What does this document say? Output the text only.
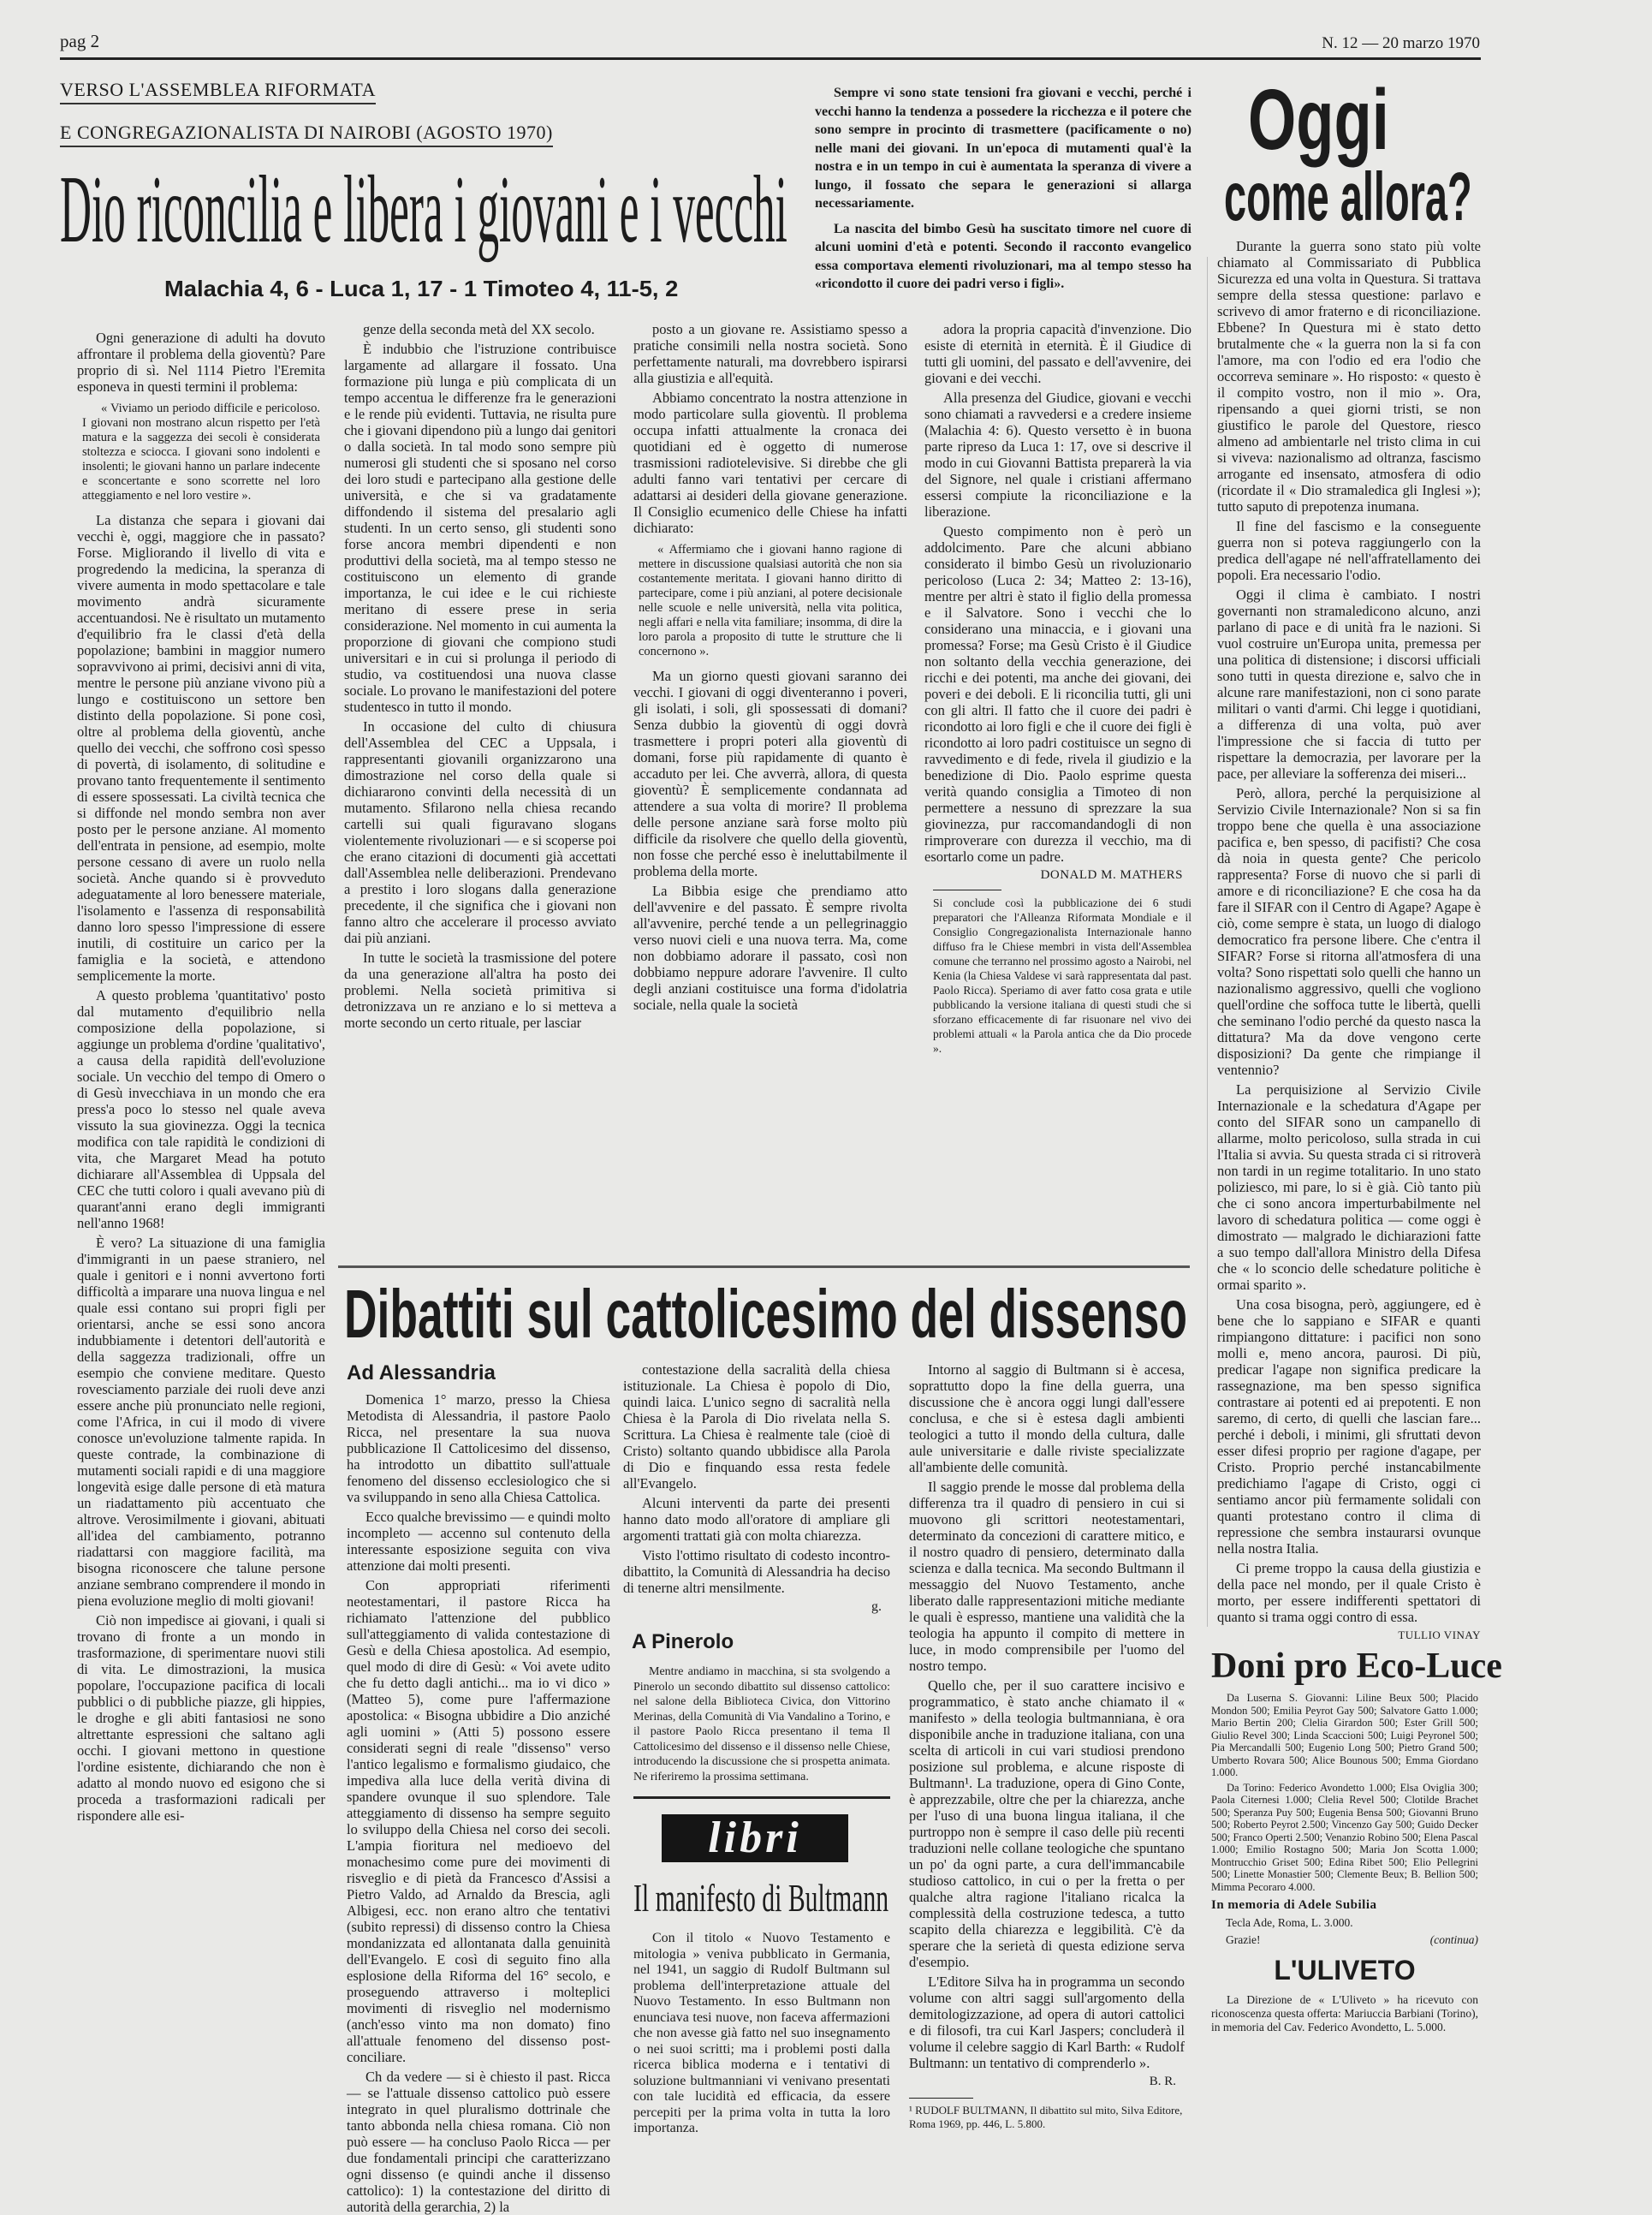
pag 2	N. 12 — 20 marzo 1970
VERSO L'ASSEMBLEA RIFORMATA
E CONGREGAZIONALISTA DI NAIROBI (AGOSTO 1970)
Dio riconcilia e libera i giovani e i vecchi
Malachia 4, 6 - Luca 1, 17 - 1 Timoteo 4, 11-5, 2

Sempre vi sono state tensioni fra giovani e vecchi, perché i vecchi hanno la tendenza a possedere la ricchezza e il potere che sono sempre in procinto di trasmettere (pacificamente o no) nelle mani dei giovani. In un'epoca di mutamenti qual'è la nostra e in un tempo in cui è aumentata la speranza di vivere a lungo, il fossato che separa le generazioni si allarga necessariamente.

La nascita del bimbo Gesù ha suscitato timore nel cuore di alcuni uomini d'età e potenti. Secondo il racconto evangelico essa comportava elementi rivoluzionari, ma al tempo stesso ha «ricondotto il cuore dei padri verso i figli».

Ogni generazione di adulti ha dovuto affrontare il problema della gioventù? Pare proprio di sì. Nel 1114 Pietro l'Eremita esponeva in questi termini il problema:

« Viviamo un periodo difficile e pericoloso. I giovani non mostrano alcun rispetto per l'età matura e la saggezza dei secoli è considerata stoltezza e sciocca. I giovani sono indolenti e insolenti; le giovani hanno un parlare indecente e sconcertante e sono scorrette nel loro atteggiamento e nel loro vestire ».

La distanza che separa i giovani dai vecchi è, oggi, maggiore che in passato? Forse. Migliorando il livello di vita e progredendo la medicina, la speranza di vivere aumenta in modo spettacolare e tale movimento andrà sicuramente accentuandosi. Ne è risultato un mutamento d'equilibrio fra le classi d'età della popolazione; bambini in maggior numero sopravvivono ai primi, decisivi anni di vita, mentre le persone più anziane vivono più a lungo e costituiscono un settore ben distinto della popolazione. Si pone così, oltre al problema della gioventù, anche quello dei vecchi, che soffrono così spesso di povertà, di isolamento, di solitudine e provano tanto frequentemente il sentimento di essere spossessati. La civiltà tecnica che si diffonde nel mondo sembra non aver posto per le persone anziane. Al momento dell'entrata in pensione, ad esempio, molte persone cessano di avere un ruolo nella società. Anche quando si è provveduto adeguatamente al loro benessere materiale, l'isolamento e l'assenza di responsabilità danno loro spesso l'impressione di essere inutili, di costituire un carico per la famiglia e la società, e attendono semplicemente la morte.

A questo problema 'quantitativo' posto dal mutamento d'equilibrio nella composizione della popolazione, si aggiunge un problema d'ordine 'qualitativo', a causa della rapidità dell'evoluzione sociale. Un vecchio del tempo di Omero o di Gesù invecchiava in un mondo che era press'a poco lo stesso nel quale aveva vissuto la sua giovinezza. Oggi la tecnica modifica con tale rapidità le condizioni di vita, che Margaret Mead ha potuto dichiarare all'Assemblea di Uppsala del CEC che tutti coloro i quali avevano più di quarant'anni erano degli immigranti nell'anno 1968!

È vero? La situazione di una famiglia d'immigranti in un paese straniero, nel quale i genitori e i nonni avvertono forti difficoltà a imparare una nuova lingua e nel quale essi contano sui propri figli per orientarsi, anche se essi sono ancora indubbiamente i detentori dell'autorità e della saggezza tradizionali, offre un esempio che conviene meditare. Questo rovesciamento parziale dei ruoli deve anzi essere anche più pronunciato nelle regioni, come l'Africa, in cui il modo di vivere conosce un'evoluzione talmente rapida. In queste contrade, la combinazione di mutamenti sociali rapidi e di una maggiore longevità esige dalle persone di età matura un riadattamento più accentuato che altrove. Verosimilmente i giovani, abituati all'idea del cambiamento, potranno riadattarsi con maggiore facilità, ma bisogna riconoscere che talune persone anziane sembrano comprendere il mondo in piena evoluzione meglio di molti giovani!

Ciò non impedisce ai giovani, i quali si trovano di fronte a un mondo in trasformazione, di sperimentare nuovi stili di vita. Le dimostrazioni, la musica popolare, l'occupazione pacifica di locali pubblici o di pubbliche piazze, gli hippies, le droghe e gli abiti fantasiosi ne sono altrettante espressioni che saltano agli occhi. I giovani mettono in questione l'ordine esistente, dichiarando che non è adatto al mondo nuovo ed esigono che si proceda a trasformazioni radicali per rispondere alle esi-

genze della seconda metà del XX secolo.

È indubbio che l'istruzione contribuisce largamente ad allargare il fossato. Una formazione più lunga e più complicata di un tempo accentua le differenze fra le generazioni e le rende più evidenti. Tuttavia, ne risulta pure che i giovani dipendono più a lungo dai genitori o dalla società. In tal modo sono sempre più numerosi gli studenti che si sposano nel corso dei loro studi e partecipano alla gestione delle università, e che si va gradatamente diffondendo il sistema del presalario agli studenti. In un certo senso, gli studenti sono forse ancora membri dipendenti e non produttivi della società, ma al tempo stesso ne costituiscono un elemento di grande importanza, le cui idee e le cui richieste meritano di essere prese in seria considerazione. Nel momento in cui aumenta la proporzione di giovani che compiono studi universitari e in cui si prolunga il periodo di studio, va costituendosi una nuova classe sociale. Lo provano le manifestazioni del potere studentesco in tutto il mondo.

In occasione del culto di chiusura dell'Assemblea del CEC a Uppsala, i rappresentanti giovanili organizzarono una dimostrazione nel corso della quale si dichiararono convinti della necessità di un mutamento. Sfilarono nella chiesa recando cartelli sui quali figuravano slogans violentemente rivoluzionari — e si scoperse poi che erano citazioni di documenti già accettati dall'Assemblea nelle deliberazioni. Prendevano a prestito i loro slogans dalla generazione precedente, il che significa che i giovani non fanno altro che accelerare il processo avviato dai più anziani.

In tutte le società la trasmissione del potere da una generazione all'altra ha posto dei problemi. Nella società primitiva si detronizzava un re anziano e lo si metteva a morte secondo un certo rituale, per lasciar

posto a un giovane re. Assistiamo spesso a pratiche consimili nella nostra società. Sono perfettamente naturali, ma dovrebbero ispirarsi alla giustizia e all'equità.

Abbiamo concentrato la nostra attenzione in modo particolare sulla gioventù. Il problema occupa infatti attualmente la cronaca dei quotidiani ed è oggetto di numerose trasmissioni radiotelevisive. Si direbbe che gli adulti fanno vari tentativi per cercare di adattarsi ai desideri della giovane generazione. Il Consiglio ecumenico delle Chiese ha infatti dichiarato:

« Affermiamo che i giovani hanno ragione di mettere in discussione qualsiasi autorità che non sia costantemente meritata. I giovani hanno diritto di partecipare, come i più anziani, al potere decisionale nelle scuole e nelle università, nella vita politica, negli affari e nella vita familiare; insomma, di dire la loro parola a proposito di tutte le strutture che li concernono ».

Ma un giorno questi giovani saranno dei vecchi. I giovani di oggi diventeranno i poveri, gli isolati, i soli, gli spossessati di domani? Senza dubbio la gioventù di oggi dovrà trasmettere i propri poteri alla gioventù di domani, forse più rapidamente di quanto è accaduto per lei. Che avverrà, allora, di questa gioventù? È semplicemente condannata ad attendere a sua volta di morire? Il problema delle persone anziane sarà forse molto più difficile da risolvere che quello della gioventù, non fosse che perché esso è ineluttabilmente il problema della morte.

La Bibbia esige che prendiamo atto dell'avvenire e del passato. È sempre rivolta all'avvenire, perché tende a un pellegrinaggio verso nuovi cieli e una nuova terra. Ma, come non dobbiamo adorare il passato, così non dobbiamo neppure adorare l'avvenire. Il culto degli anziani costituisce una forma d'idolatria sociale, nella quale la società

adora la propria capacità d'invenzione. Dio esiste di eternità in eternità. È il Giudice di tutti gli uomini, del passato e dell'avvenire, dei giovani e dei vecchi.

Alla presenza del Giudice, giovani e vecchi sono chiamati a ravvedersi e a credere insieme (Malachia 4: 6). Questo versetto è in buona parte ripreso da Luca 1: 17, ove si descrive il modo in cui Giovanni Battista preparerà la via del Signore, nel quale i cristiani affermano essersi compiute la riconciliazione e la liberazione.

Questo compimento non è però un addolcimento. Pare che alcuni abbiano considerato il bimbo Gesù un rivoluzionario pericoloso (Luca 2: 34; Matteo 2: 13-16), mentre per altri è stato il figlio della promessa e il Salvatore. Sono i vecchi che lo considerano una minaccia, e i giovani una promessa? Forse; ma Gesù Cristo è il Giudice non soltanto della vecchia generazione, dei ricchi e dei potenti, ma anche dei giovani, dei poveri e dei deboli. E li riconcilia tutti, gli uni con gli altri. Il fatto che il cuore dei padri è ricondotto ai loro figli e che il cuore dei figli è ricondotto ai loro padri costituisce un segno di ravvedimento e di fede, rivela il giudizio e la benedizione di Dio. Paolo esprime questa verità quando consiglia a Timoteo di non permettere a nessuno di sprezzare la sua giovinezza, pur raccomandandogli di non rimproverare con durezza il vecchio, ma di esortarlo come un padre.

DONALD M. MATHERS
Si conclude così la pubblicazione dei 6 studi preparatori che l'Alleanza Riformata Mondiale e il Consiglio Congregazionalista Internazionale hanno diffuso fra le Chiese membri in vista dell'Assemblea comune che terranno nel prossimo agosto a Nairobi, nel Kenia (la Chiesa Valdese vi sarà rappresentata dal past. Paolo Ricca). Speriamo di aver fatto cosa grata e utile pubblicando la versione italiana di questi studi che si sforzano efficacemente di far risuonare nel vivo dei problemi attuali « la Parola antica che da Dio procede ».
Oggi
come allora?

Durante la guerra sono stato più volte chiamato al Commissariato di Pubblica Sicurezza ed una volta in Questura. Si trattava sempre della stessa questione: parlavo e scrivevo di amor fraterno e di riconciliazione. Ebbene? In Questura mi è stato detto brutalmente che « la guerra non la si fa con l'amore, ma con l'odio ed era l'odio che occorreva seminare ». Ho risposto: « questo è il compito vostro, non il mio ». Ora, ripensando a quei giorni tristi, se non giustifico le parole del Questore, riesco almeno ad ambientarle nel tristo clima in cui si viveva: nazionalismo ad oltranza, fascismo arrogante ed insensato, atmosfera di odio (ricordate il « Dio stramaledica gli Inglesi »); tutto saputo di prepotenza inumana.

Il fine del fascismo e la conseguente guerra non si poteva raggiungerlo con la predica dell'agape né nell'affratellamento dei popoli. Era necessario l'odio.

Oggi il clima è cambiato. I nostri governanti non stramaledicono alcuno, anzi parlano di pace e di unità fra le nazioni. Si vuol costruire un'Europa unita, premessa per una politica di distensione; i discorsi ufficiali sono tutti in questa direzione e, salvo che in alcune rare manifestazioni, non ci sono parate militari o vanti d'armi. Chi legge i quotidiani, a differenza di una volta, può aver l'impressione che si faccia di tutto per rispettare la democrazia, per lavorare per la pace, per alleviare la sofferenza dei miseri...

Però, allora, perché la perquisizione al Servizio Civile Internazionale? Non si sa fin troppo bene che quella è una associazione pacifica e, ben spesso, di pacifisti? Che cosa dà noia in questa gente? Che pericolo rappresenta? Forse di nuovo che si parli di amore e di riconciliazione? E che cosa ha da fare il SIFAR con il Centro di Agape? Agape è ciò, come sempre è stata, un luogo di dialogo democratico fra persone libere. Che c'entra il SIFAR? Forse si ritorna all'atmosfera di una volta? Sono rispettati solo quelli che hanno un nazionalismo aggressivo, quelli che vogliono quell'ordine che soffoca tutte le libertà, quelli che seminano l'odio perché da questo nasca la dittatura? Ma da dove vengono certe disposizioni? Da gente che rimpiange il ventennio?

La perquisizione al Servizio Civile Internazionale e la schedatura d'Agape per conto del SIFAR sono un campanello di allarme, molto pericoloso, sulla strada in cui l'Italia si avvia. Su questa strada ci si ritroverà non tardi in un regime totalitario. In uno stato poliziesco, mi pare, lo si è già. Ciò tanto più che ci sono ancora imperturbabilmente nel lavoro di schedatura politica — come oggi è dimostrato — malgrado le dichiarazioni fatte a suo tempo dall'allora Ministro della Difesa che « lo sconcio delle schedature politiche è ormai sparito ».

Una cosa bisogna, però, aggiungere, ed è bene che lo sappiano e SIFAR e quanti rimpiangono dittature: i pacifici non sono molli e, meno ancora, paurosi. Di più, predicar l'agape non significa predicare la rassegnazione, ma ben spesso significa contrastare ai potenti ed ai prepotenti. E non saremo, di certo, di quelli che lascian fare... perché i deboli, i minimi, gli sfruttati devon esser difesi proprio per ragione d'agape, per Cristo. Proprio perché instancabilmente predichiamo l'agape di Cristo, oggi ci sentiamo ancor più fermamente solidali con quanti protestano contro il clima di repressione che sembra instaurarsi ovunque nella nostra Italia.

Ci preme troppo la causa della giustizia e della pace nel mondo, per il quale Cristo è morto, per essere indifferenti spettatori di quanto si trama oggi contro di essa.

TULLIO VINAY
Dibattiti sul cattolicesimo del dissenso
Ad Alessandria

Domenica 1° marzo, presso la Chiesa Metodista di Alessandria, il pastore Paolo Ricca, nel presentare la sua nuova pubblicazione Il Cattolicesimo del dissenso, ha introdotto un dibattito sull'attuale fenomeno del dissenso ecclesiologico che si va sviluppando in seno alla Chiesa Cattolica.

Ecco qualche brevissimo — e quindi molto incompleto — accenno sul contenuto della interessante esposizione seguita con viva attenzione dai molti presenti.

Con appropriati riferimenti neotestamentari, il pastore Ricca ha richiamato l'attenzione del pubblico sull'atteggiamento di valida contestazione di Gesù e della Chiesa apostolica. Ad esempio, quel modo di dire di Gesù: « Voi avete udito che fu detto dagli antichi... ma io vi dico » (Matteo 5), come pure l'affermazione apostolica: « Bisogna ubbidire a Dio anziché agli uomini » (Atti 5) possono essere considerati segni di reale "dissenso" verso l'antico legalismo e formalismo giudaico, che impediva alla luce della verità divina di spandere ovunque il suo splendore. Tale atteggiamento di dissenso ha sempre seguito lo sviluppo della Chiesa nel corso dei secoli. L'ampia fioritura nel medioevo del monachesimo come pure dei movimenti di risveglio e di pietà da Francesco d'Assisi a Pietro Valdo, ad Arnaldo da Brescia, agli Albigesi, ecc. non erano altro che tentativi (subito repressi) di dissenso contro la Chiesa mondanizzata ed allontanata dalla genuinità dell'Evangelo. E così di seguito fino alla esplosione della Riforma del 16° secolo, e proseguendo attraverso i molteplici movimenti di risveglio nel modernismo (anch'esso vinto ma non domato) fino all'attuale fenomeno del dissenso post-conciliare.

Ch da vedere — si è chiesto il past. Ricca — se l'attuale dissenso cattolico può essere integrato in quel pluralismo dottrinale che tanto abbonda nella chiesa romana. Ciò non può essere — ha concluso Paolo Ricca — per due fondamentali principi che caratterizzano ogni dissenso (e quindi anche il dissenso cattolico): 1) la contestazione del diritto di autorità della gerarchia, 2) la

contestazione della sacralità della chiesa istituzionale. La Chiesa è popolo di Dio, quindi laica. L'unico segno di sacralità nella Chiesa è la Parola di Dio rivelata nella S. Scrittura. La Chiesa è realmente tale (cioè di Cristo) soltanto quando ubbidisce alla Parola di Dio e finquando essa resta fedele all'Evangelo.

Alcuni interventi da parte dei presenti hanno dato modo all'oratore di ampliare gli argomenti trattati già con molta chiarezza.

Visto l'ottimo risultato di codesto incontro-dibattito, la Comunità di Alessandria ha deciso di tenerne altri mensilmente.

g.
A Pinerolo
Mentre andiamo in macchina, si sta svolgendo a Pinerolo un secondo dibattito sul dissenso cattolico: nel salone della Biblioteca Civica, don Vittorino Merinas, della Comunità di Via Vandalino a Torino, e il pastore Paolo Ricca presentano il tema Il Cattolicesimo del dissenso e il dissenso nelle Chiese, introducendo la discussione che si prospetta animata. Ne riferiremo la prossima settimana.
libri
Il manifesto di Bultmann

Con il titolo « Nuovo Testamento e mitologia » veniva pubblicato in Germania, nel 1941, un saggio di Rudolf Bultmann sul problema dell'interpretazione attuale del Nuovo Testamento. In esso Bultmann non enunciava tesi nuove, non faceva affermazioni che non avesse già fatto nel suo insegnamento o nei suoi scritti; ma i problemi posti dalla ricerca biblica moderna e i tentativi di soluzione bultmanniani vi venivano presentati con tale lucidità ed efficacia, da essere percepiti per la prima volta in tutta la loro importanza.

Intorno al saggio di Bultmann si è accesa, soprattutto dopo la fine della guerra, una discussione che è ancora oggi lungi dall'essere conclusa, e che si è estesa dagli ambienti teologici a tutto il mondo della cultura, dalle aule universitarie e dalle riviste specializzate all'ambiente delle comunità.

Il saggio prende le mosse dal problema della differenza tra il quadro di pensiero in cui si muovono gli scrittori neotestamentari, determinato da concezioni di carattere mitico, e il nostro quadro di pensiero, determinato dalla scienza e dalla tecnica. Ma secondo Bultmann il messaggio del Nuovo Testamento, anche liberato dalle rappresentazioni mitiche mediante le quali è espresso, mantiene una validità che la teologia ha appunto il compito di mettere in luce, in modo comprensibile per l'uomo del nostro tempo.

Quello che, per il suo carattere incisivo e programmatico, è stato anche chiamato il « manifesto » della teologia bultmanniana, è ora disponibile anche in traduzione italiana, con una scelta di articoli in cui vari studiosi prendono posizione sul problema, e alcune risposte di Bultmann¹. La traduzione, opera di Gino Conte, è apprezzabile, oltre che per la chiarezza, anche per l'uso di una buona lingua italiana, il che purtroppo non è sempre il caso delle più recenti traduzioni nelle collane teologiche che spuntano un po' da ogni parte, a cura dell'immancabile studioso cattolico, in cui o per la fretta o per qualche altra ragione l'italiano ricalca la complessità della costruzione tedesca, a tutto scapito della chiarezza e leggibilità. C'è da sperare che la serietà di questa edizione serva d'esempio.

L'Editore Silva ha in programma un secondo volume con altri saggi sull'argomento della demitologizzazione, ad opera di autori cattolici e di filosofi, tra cui Karl Jaspers; concluderà il volume il celebre saggio di Karl Barth: « Rudolf Bultmann: un tentativo di comprenderlo ».

B. R.
¹ RUDOLF BULTMANN, Il dibattito sul mito, Silva Editore, Roma 1969, pp. 446, L. 5.800.
Doni pro Eco-Luce

Da Luserna S. Giovanni: Liline Beux 500; Placido Mondon 500; Emilia Peyrot Gay 500; Salvatore Gatto 1.000; Mario Bertin 200; Clelia Girardon 500; Ester Grill 500; Giulio Revel 300; Linda Scaccioni 500; Luigi Peyronel 500; Pia Mercandalli 500; Eugenio Long 500; Pietro Grand 500; Umberto Rovara 500; Alice Bounous 500; Emma Giordano 1.000.

Da Torino: Federico Avondetto 1.000; Elsa Oviglia 300; Paola Citernesi 1.000; Clelia Revel 500; Clotilde Brachet 500; Speranza Puy 500; Eugenia Bensa 500; Giovanni Bruno 500; Roberto Peyrot 2.500; Vincenzo Gay 500; Guido Decker 500; Franco Operti 2.500; Venanzio Robino 500; Elena Pascal 1.000; Emilio Rostagno 500; Maria Jon Scotta 1.000; Montrucchio Griset 500; Edina Ribet 500; Elio Pellegrini 500; Linette Monastier 500; Clemente Beux; B. Bellion 500; Mimma Pecoraro 4.000.

In memoria di Adele Subilia
Tecla Ade, Roma, L. 3.000.
Grazie!	(continua)
L'ULIVETO
La Direzione de « L'Uliveto » ha ricevuto con riconoscenza questa offerta: Mariuccia Barbiani (Torino), in memoria del Cav. Federico Avondetto, L. 5.000.
